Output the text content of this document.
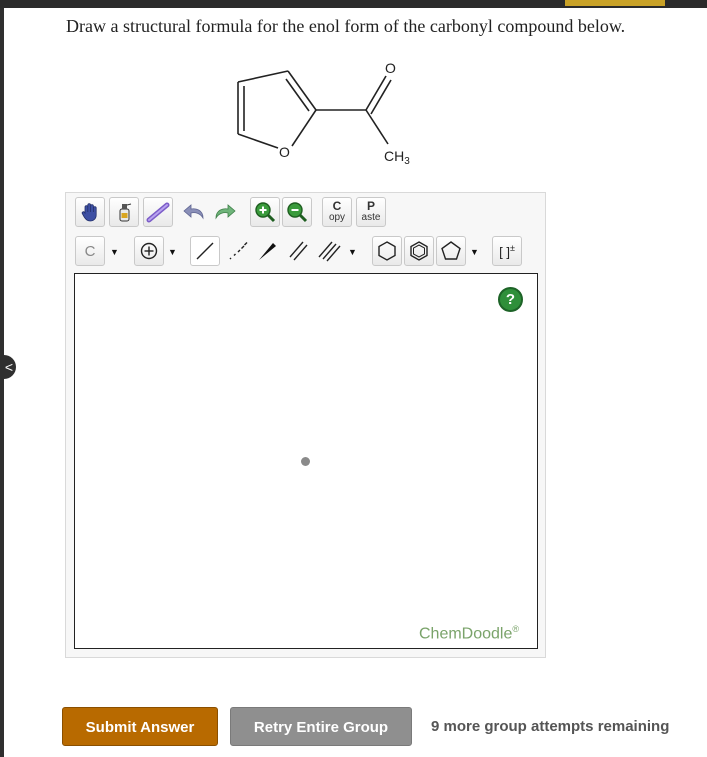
<
Draw a structural formula for the enol form of the carbonyl compound below.
O
O
$CH_3$
C
opy
P
aste
C ▼	▼	▼	▼ [ ]±
?
ChemDoodle®
Submit Answer	Retry Entire Group	9 more group attempts remaining
